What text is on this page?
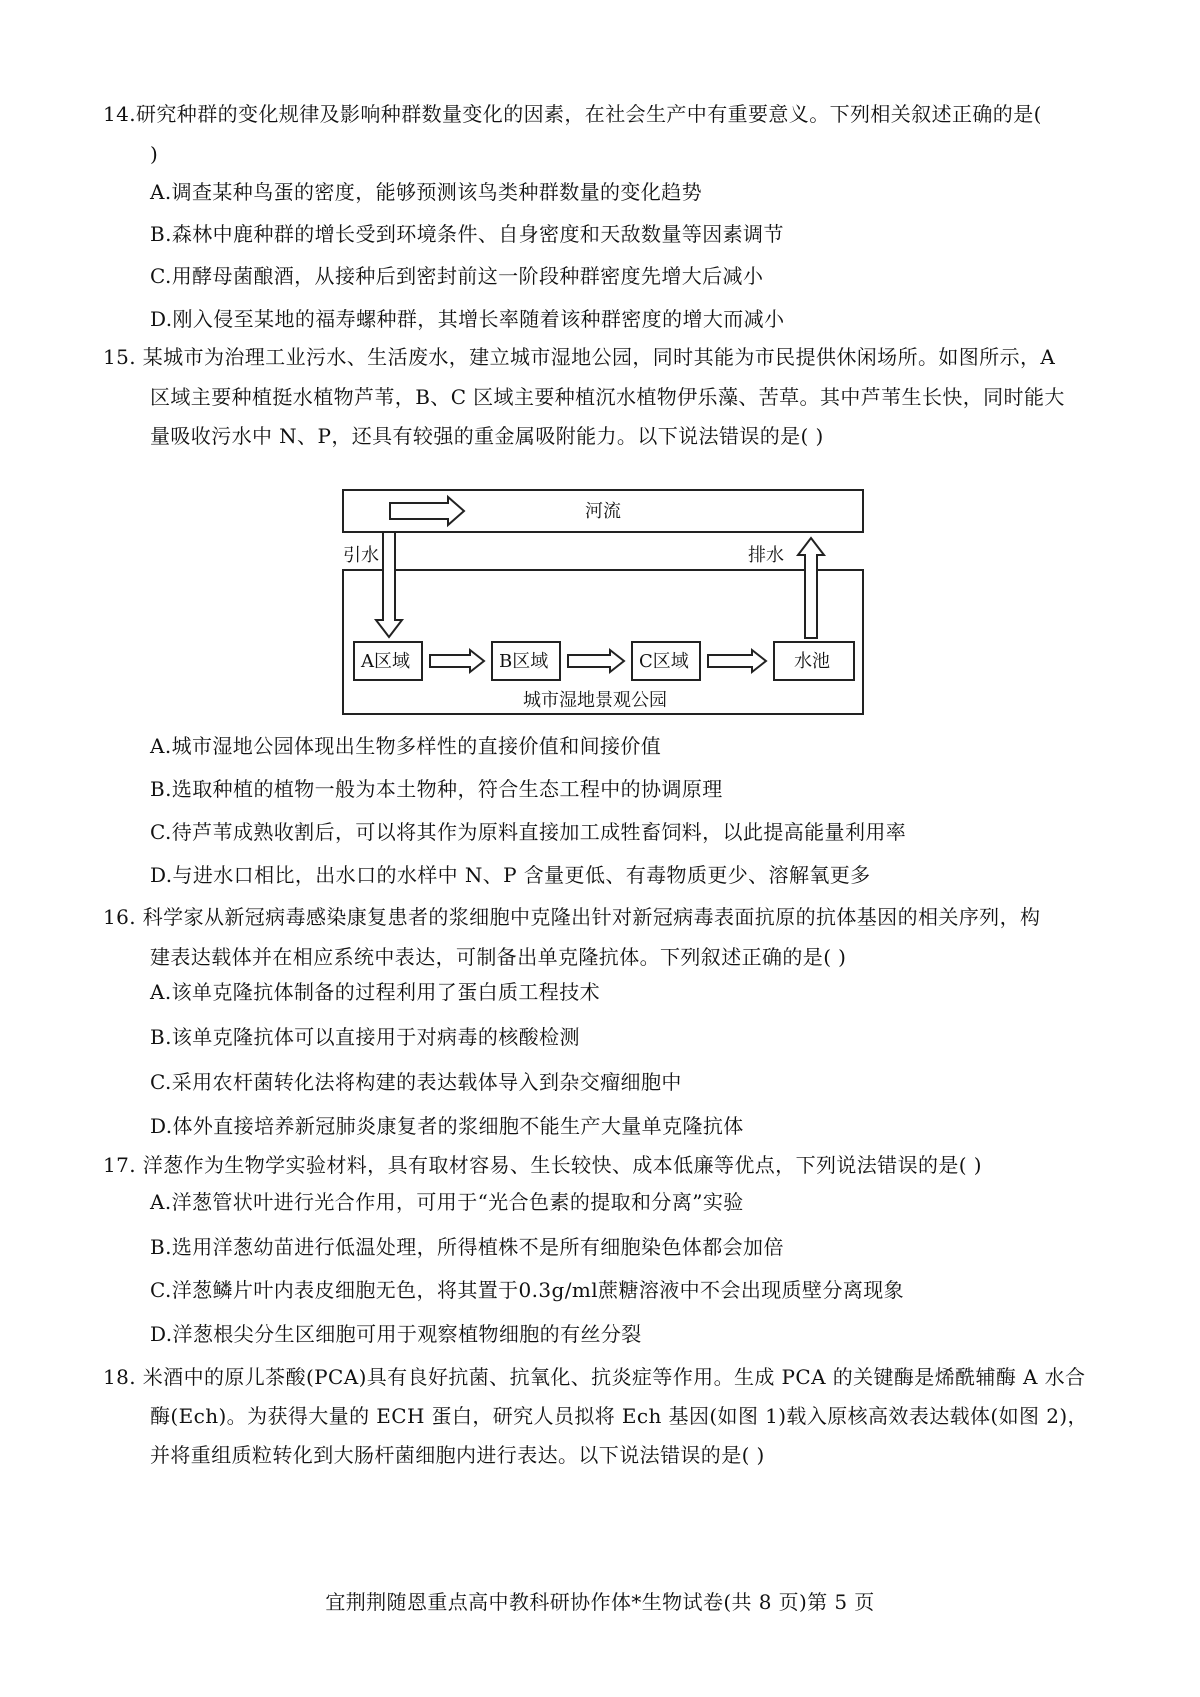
14.研究种群的变化规律及影响种群数量变化的因素，在社会生产中有重要意义。下列相关叙述正确的是(
)
A.调查某种鸟蛋的密度，能够预测该鸟类种群数量的变化趋势
B.森林中鹿种群的增长受到环境条件、自身密度和天敌数量等因素调节
C.用酵母菌酿酒，从接种后到密封前这一阶段种群密度先增大后减小
D.刚入侵至某地的福寿螺种群，其增长率随着该种群密度的增大而减小
15. 某城市为治理工业污水、生活废水，建立城市湿地公园，同时其能为市民提供休闲场所。如图所示，A
区域主要种植挺水植物芦苇，B、C 区域主要种植沉水植物伊乐藻、苦草。其中芦苇生长快，同时能大
量吸收污水中 N、P，还具有较强的重金属吸附能力。以下说法错误的是( )
河流
引水	排水
A区域	B区域	C区域	水池
城市湿地景观公园
A.城市湿地公园体现出生物多样性的直接价值和间接价值
B.选取种植的植物一般为本土物种，符合生态工程中的协调原理
C.待芦苇成熟收割后，可以将其作为原料直接加工成牲畜饲料，以此提高能量利用率
D.与进水口相比，出水口的水样中 N、P 含量更低、有毒物质更少、溶解氧更多
16. 科学家从新冠病毒感染康复患者的浆细胞中克隆出针对新冠病毒表面抗原的抗体基因的相关序列，构
建表达载体并在相应系统中表达，可制备出单克隆抗体。下列叙述正确的是( )
A.该单克隆抗体制备的过程利用了蛋白质工程技术
B.该单克隆抗体可以直接用于对病毒的核酸检测
C.采用农杆菌转化法将构建的表达载体导入到杂交瘤细胞中
D.体外直接培养新冠肺炎康复者的浆细胞不能生产大量单克隆抗体
17. 洋葱作为生物学实验材料，具有取材容易、生长较快、成本低廉等优点，下列说法错误的是( )
A.洋葱管状叶进行光合作用，可用于“光合色素的提取和分离”实验
B.选用洋葱幼苗进行低温处理，所得植株不是所有细胞染色体都会加倍
C.洋葱鳞片叶内表皮细胞无色，将其置于0.3g/ml蔗糖溶液中不会出现质壁分离现象
D.洋葱根尖分生区细胞可用于观察植物细胞的有丝分裂
18. 米酒中的原儿茶酸(PCA)具有良好抗菌、抗氧化、抗炎症等作用。生成 PCA 的关键酶是烯酰辅酶 A 水合
酶(Ech)。为获得大量的 ECH 蛋白，研究人员拟将 Ech 基因(如图 1)载入原核高效表达载体(如图 2)，
并将重组质粒转化到大肠杆菌细胞内进行表达。以下说法错误的是( )
宜荆荆随恩重点高中教科研协作体*生物试卷(共 8 页)第 5 页
